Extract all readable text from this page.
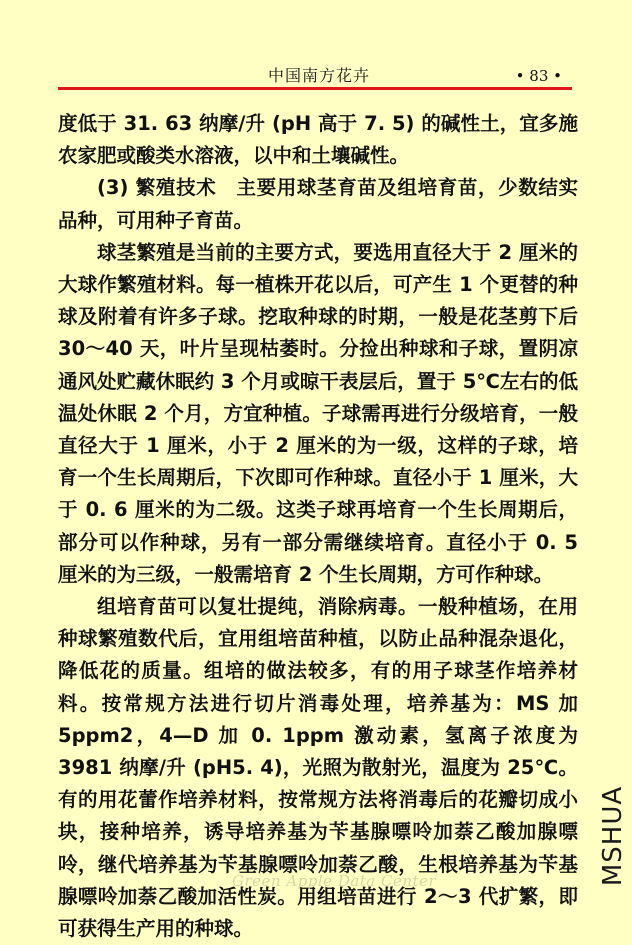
中国南方花卉	• 83 •

度低于 31. 63 纳摩/升 (pH 高于 7. 5) 的碱性土，宜多施农家肥或酸类水溶液，以中和土壤碱性。

(3) 繁殖技术　主要用球茎育苗及组培育苗，少数结实品种，可用种子育苗。

球茎繁殖是当前的主要方式，要选用直径大于 2 厘米的大球作繁殖材料。每一植株开花以后，可产生 1 个更替的种球及附着有许多子球。挖取种球的时期，一般是花茎剪下后 30～40 天，叶片呈现枯萎时。分捡出种球和子球，置阴凉通风处贮藏休眠约 3 个月或晾干表层后，置于 5℃左右的低温处休眠 2 个月，方宜种植。子球需再进行分级培育，一般直径大于 1 厘米，小于 2 厘米的为一级，这样的子球，培育一个生长周期后，下次即可作种球。直径小于 1 厘米，大于 0. 6 厘米的为二级。这类子球再培育一个生长周期后，部分可以作种球，另有一部分需继续培育。直径小于 0. 5 厘米的为三级，一般需培育 2 个生长周期，方可作种球。

组培育苗可以复壮提纯，消除病毒。一般种植场，在用种球繁殖数代后，宜用组培苗种植，以防止品种混杂退化，降低花的质量。组培的做法较多，有的用子球茎作培养材料。按常规方法进行切片消毒处理，培养基为：MS 加 5ppm2，4—D 加 0. 1ppm 激动素，氢离子浓度为 3981 纳摩/升 (pH5. 4)，光照为散射光，温度为 25℃。有的用花蕾作培养材料，按常规方法将消毒后的花瓣切成小块，接种培养，诱导培养基为苄基腺嘌呤加萘乙酸加腺嘌呤，继代培养基为苄基腺嘌呤加萘乙酸，生根培养基为苄基腺嘌呤加萘乙酸加活性炭。用组培苗进行 2～3 代扩繁，即可获得生产用的种球。

Green Apple Data Center	MSHUA
